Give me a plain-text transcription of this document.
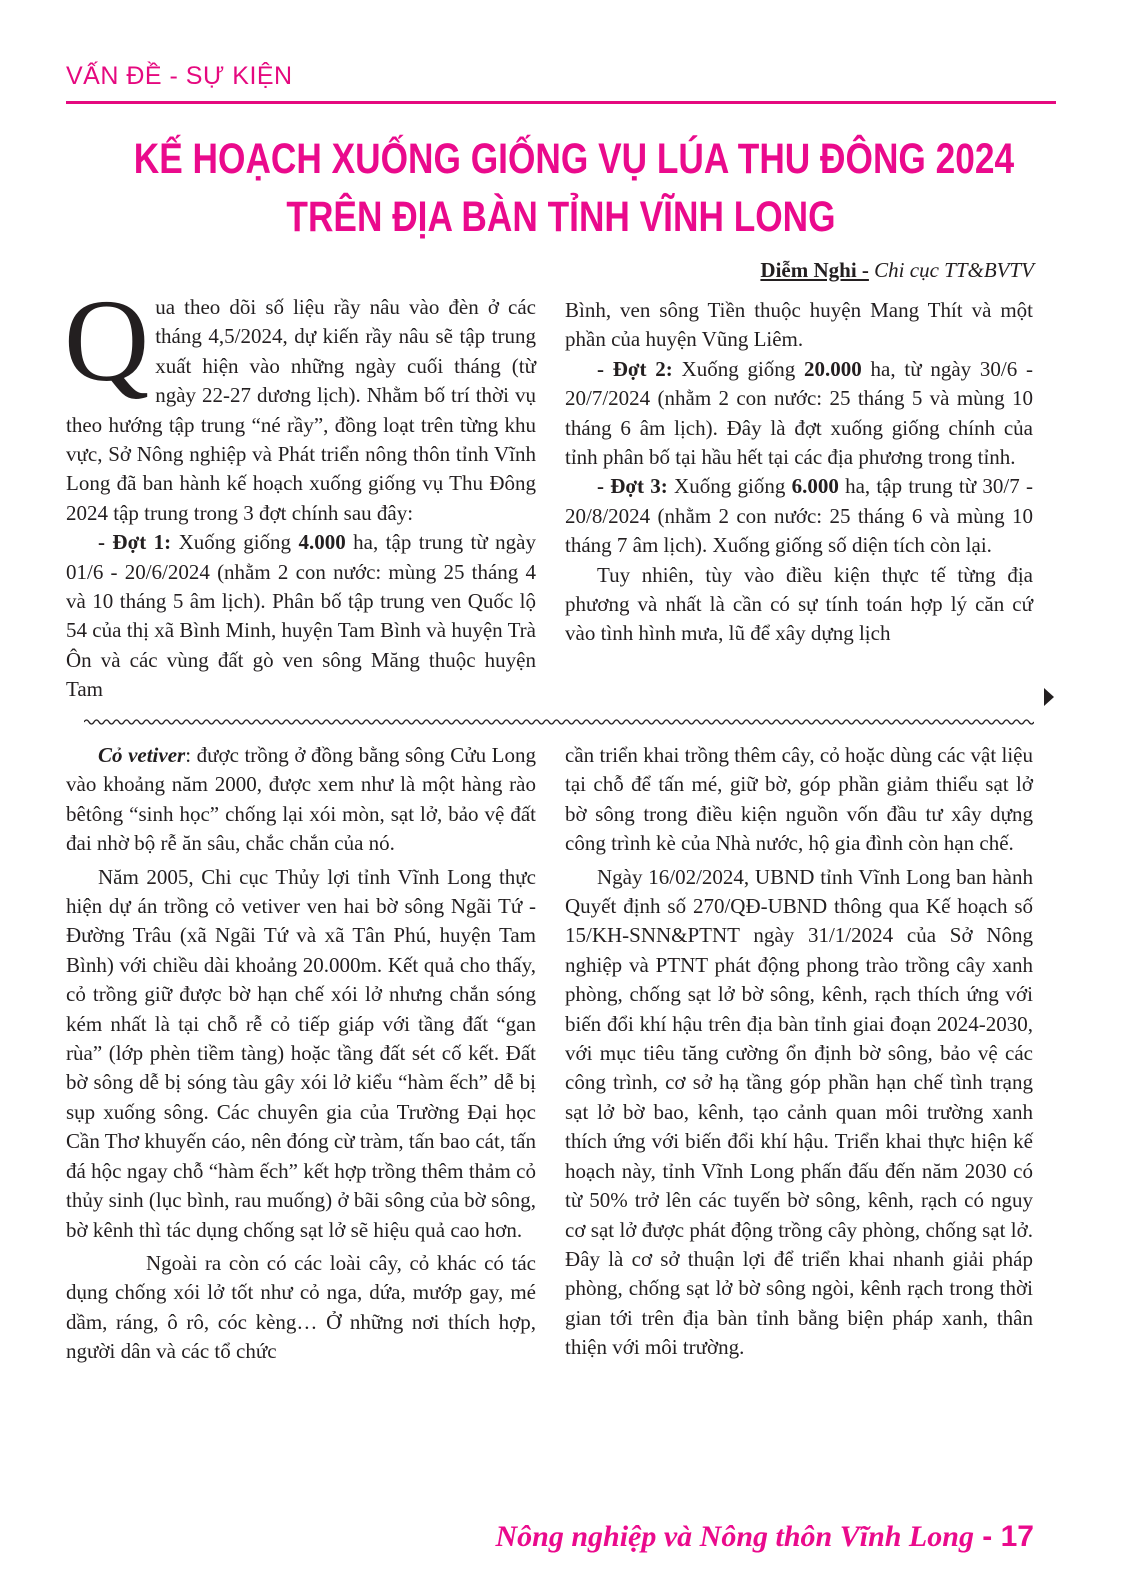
VẤN ĐỀ - SỰ KIỆN
KẾ HOẠCH XUỐNG GIỐNG VỤ LÚA THU ĐÔNG 2024
TRÊN ĐỊA BÀN TỈNH VĨNH LONG
Diễm Nghi - Chi cục TT&BVTV

Qua theo dõi số liệu rầy nâu vào đèn ở các tháng 4,5/2024, dự kiến rầy nâu sẽ tập trung xuất hiện vào những ngày cuối tháng (từ ngày 22-27 dương lịch). Nhằm bố trí thời vụ theo hướng tập trung “né rầy”, đồng loạt trên từng khu vực, Sở Nông nghiệp và Phát triển nông thôn tỉnh Vĩnh Long đã ban hành kế hoạch xuống giống vụ Thu Đông 2024 tập trung trong 3 đợt chính sau đây:

- Đợt 1: Xuống giống 4.000 ha, tập trung từ ngày 01/6 - 20/6/2024 (nhằm 2 con nước: mùng 25 tháng 4 và 10 tháng 5 âm lịch). Phân bố tập trung ven Quốc lộ 54 của thị xã Bình Minh, huyện Tam Bình và huyện Trà Ôn và các vùng đất gò ven sông Măng thuộc huyện Tam

Bình, ven sông Tiền thuộc huyện Mang Thít và một phần của huyện Vũng Liêm.

- Đợt 2: Xuống giống 20.000 ha, từ ngày 30/6 - 20/7/2024 (nhằm 2 con nước: 25 tháng 5 và mùng 10 tháng 6 âm lịch). Đây là đợt xuống giống chính của tỉnh phân bố tại hầu hết tại các địa phương trong tỉnh.

- Đợt 3: Xuống giống 6.000 ha, tập trung từ 30/7 - 20/8/2024 (nhằm 2 con nước: 25 tháng 6 và mùng 10 tháng 7 âm lịch). Xuống giống số diện tích còn lại.

Tuy nhiên, tùy vào điều kiện thực tế từng địa phương và nhất là cần có sự tính toán hợp lý căn cứ vào tình hình mưa, lũ để xây dựng lịch

Cỏ vetiver: được trồng ở đồng bằng sông Cửu Long vào khoảng năm 2000, được xem như là một hàng rào bêtông “sinh học” chống lại xói mòn, sạt lở, bảo vệ đất đai nhờ bộ rễ ăn sâu, chắc chắn của nó.

Năm 2005, Chi cục Thủy lợi tỉnh Vĩnh Long thực hiện dự án trồng cỏ vetiver ven hai bờ sông Ngãi Tứ - Đường Trâu (xã Ngãi Tứ và xã Tân Phú, huyện Tam Bình) với chiều dài khoảng 20.000m. Kết quả cho thấy, cỏ trồng giữ được bờ hạn chế xói lở nhưng chắn sóng kém nhất là tại chỗ rễ cỏ tiếp giáp với tầng đất “gan rùa” (lớp phèn tiềm tàng) hoặc tầng đất sét cố kết. Đất bờ sông dễ bị sóng tàu gây xói lở kiểu “hàm ếch” dễ bị sụp xuống sông. Các chuyên gia của Trường Đại học Cần Thơ khuyến cáo, nên đóng cừ tràm, tấn bao cát, tấn đá hộc ngay chỗ “hàm ếch” kết hợp trồng thêm thảm cỏ thủy sinh (lục bình, rau muống) ở bãi sông của bờ sông, bờ kênh thì tác dụng chống sạt lở sẽ hiệu quả cao hơn.

Ngoài ra còn có các loài cây, cỏ khác có tác dụng chống xói lở tốt như cỏ nga, dứa, mướp gay, mé dầm, ráng, ô rô, cóc kèng… Ở những nơi thích hợp, người dân và các tổ chức

cần triển khai trồng thêm cây, cỏ hoặc dùng các vật liệu tại chỗ để tấn mé, giữ bờ, góp phần giảm thiểu sạt lở bờ sông trong điều kiện nguồn vốn đầu tư xây dựng công trình kè của Nhà nước, hộ gia đình còn hạn chế.

Ngày 16/02/2024, UBND tỉnh Vĩnh Long ban hành Quyết định số 270/QĐ-UBND thông qua Kế hoạch số 15/KH-SNN&PTNT ngày 31/1/2024 của Sở Nông nghiệp và PTNT phát động phong trào trồng cây xanh phòng, chống sạt lở bờ sông, kênh, rạch thích ứng với biến đổi khí hậu trên địa bàn tỉnh giai đoạn 2024-2030, với mục tiêu tăng cường ổn định bờ sông, bảo vệ các công trình, cơ sở hạ tầng góp phần hạn chế tình trạng sạt lở bờ bao, kênh, tạo cảnh quan môi trường xanh thích ứng với biến đổi khí hậu. Triển khai thực hiện kế hoạch này, tỉnh Vĩnh Long phấn đấu đến năm 2030 có từ 50% trở lên các tuyến bờ sông, kênh, rạch có nguy cơ sạt lở được phát động trồng cây phòng, chống sạt lở. Đây là cơ sở thuận lợi để triển khai nhanh giải pháp phòng, chống sạt lở bờ sông ngòi, kênh rạch trong thời gian tới trên địa bàn tỉnh bằng biện pháp xanh, thân thiện với môi trường.

Nông nghiệp và Nông thôn Vĩnh Long - 17
